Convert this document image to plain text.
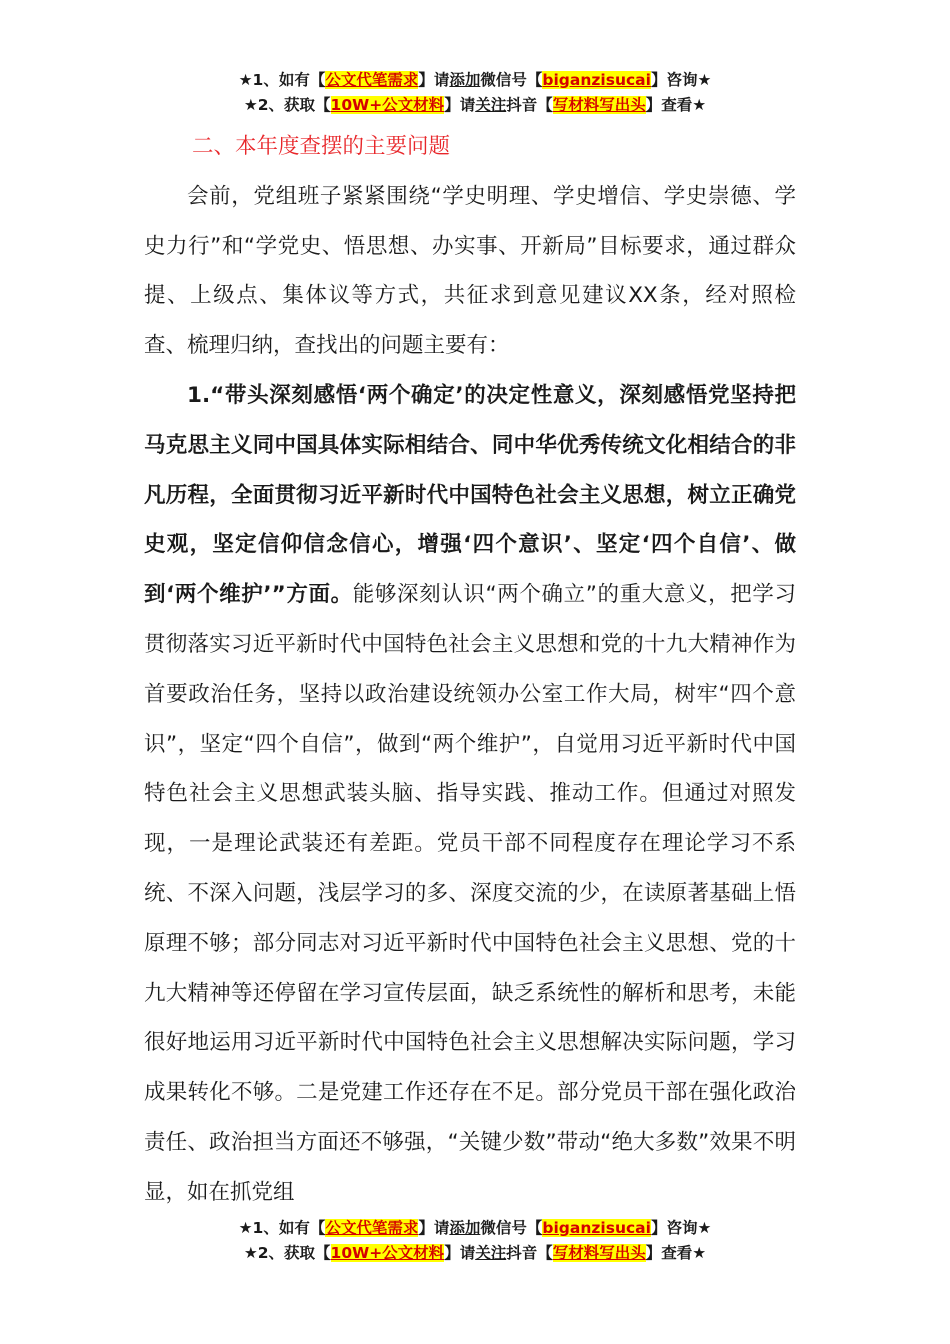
★1、如有【公文代笔需求】请添加微信号【biganzisucai】咨询★
★2、获取【10W+公文材料】请关注抖音【写材料写出头】查看★

二、本年度查摆的主要问题

会前，党组班子紧紧围绕“学史明理、学史增信、学史崇德、学史力行”和“学党史、悟思想、办实事、开新局”目标要求，通过群众提、上级点、集体议等方式，共征求到意见建议XX条，经对照检查、梳理归纳，查找出的问题主要有：

1.“带头深刻感悟‘两个确定’的决定性意义，深刻感悟党坚持把马克思主义同中国具体实际相结合、同中华优秀传统文化相结合的非凡历程，全面贯彻习近平新时代中国特色社会主义思想，树立正确党史观，坚定信仰信念信心，增强‘四个意识’、坚定‘四个自信’、做到‘两个维护’”方面。能够深刻认识“两个确立”的重大意义，把学习贯彻落实习近平新时代中国特色社会主义思想和党的十九大精神作为首要政治任务，坚持以政治建设统领办公室工作大局，树牢“四个意识”，坚定“四个自信”，做到“两个维护”，自觉用习近平新时代中国特色社会主义思想武装头脑、指导实践、推动工作。但通过对照发现，一是理论武装还有差距。党员干部不同程度存在理论学习不系统、不深入问题，浅层学习的多、深度交流的少，在读原著基础上悟原理不够；部分同志对习近平新时代中国特色社会主义思想、党的十九大精神等还停留在学习宣传层面，缺乏系统性的解析和思考，未能很好地运用习近平新时代中国特色社会主义思想解决实际问题，学习成果转化不够。二是党建工作还存在不足。部分党员干部在强化政治责任、政治担当方面还不够强，“关键少数”带动“绝大多数”效果不明显，如在抓党组

★1、如有【公文代笔需求】请添加微信号【biganzisucai】咨询★
★2、获取【10W+公文材料】请关注抖音【写材料写出头】查看★
